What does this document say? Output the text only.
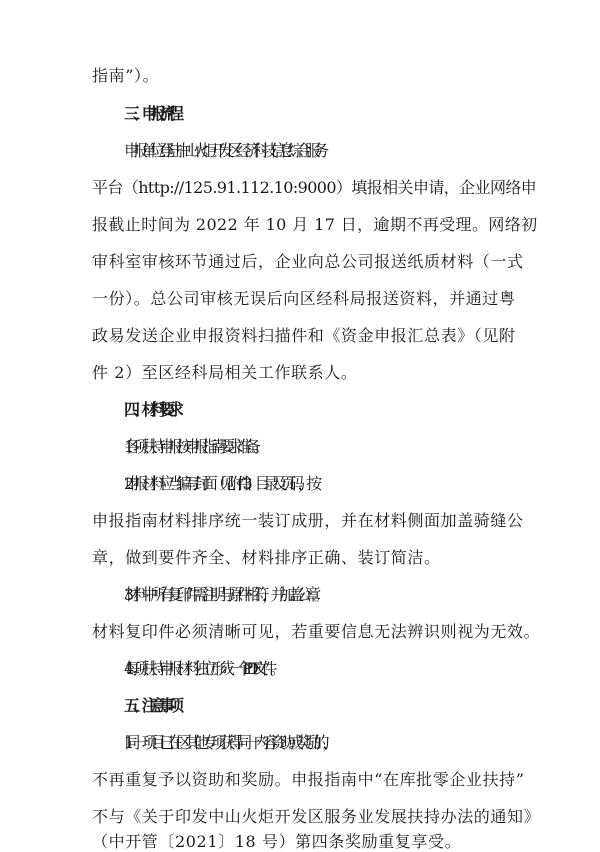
指南”）。
三、申报流程
申报单位登陆中山火炬开发区经济科技信息综合服务
平台（http://125.91.112.10:9000）填报相关申请，企业网络申
报截止时间为 2022 年 10 月 17 日，逾期不再受理。网络初
审科室审核环节通过后，企业向总公司报送纸质材料（一式
一份）。总公司审核无误后向区经科局报送资料，并通过粤
政易发送企业申报资料扫描件和《资金申报汇总表》（见附
件 2）至区经科局相关工作联系人。
四、材料要求
1.各项扶持申报按申报指南要求准备。
2.申报材料应当编写封面（见附件 3）、目录及页码，按
申报指南材料排序统一装订成册，并在材料侧面加盖骑缝公
章，做到要件齐全、材料排序正确、装订简洁。
3.材料中所有复印件需注明与原件相符，并加盖公章。
材料复印件必须清晰可见，若重要信息无法辨识则视为无效。
4.每项扶持申报材料独立形成一个 PDF 文件。
五、注意事项
1.同一项目已在区其他专项获得同一内容资助或奖励的，
不再重复予以资助和奖励。申报指南中“在库批零企业扶持”
不与《关于印发中山火炬开发区服务业发展扶持办法的通知》
（中开管〔2021〕18 号）第四条奖励重复享受。
